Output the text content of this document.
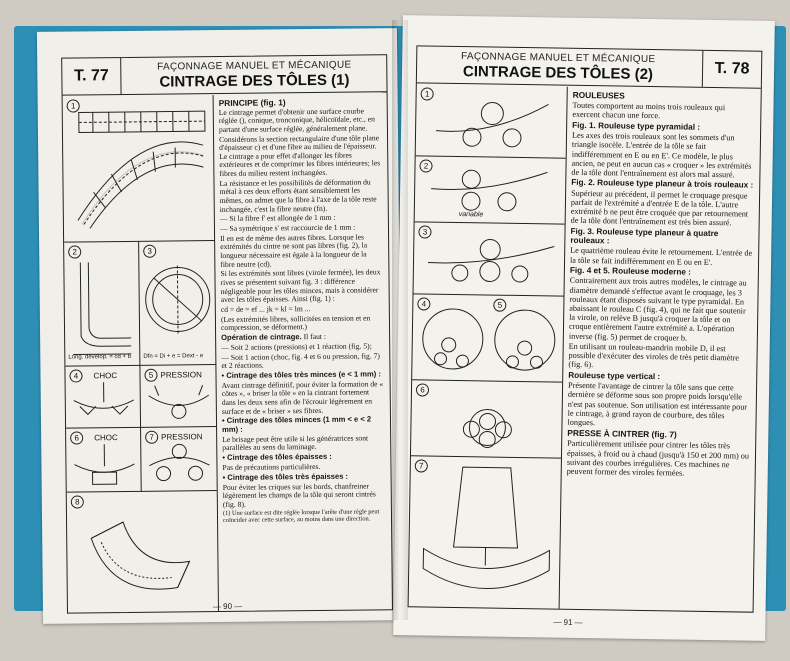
T. 77
FAÇONNAGE MANUEL ET MÉCANIQUE
CINTRAGE DES TÔLES (1)
1
2
Long. dévelop. = cd + b
3
Dfn = Di + e = Dext - e
4	CHOC	5 PRESSION
6	CHOC	7 PRESSION
8
PRINCIPE (fig. 1)

Le cintrage permet d'obtenir une surface courbe réglée (), conique, tronconique, hélicoïdale, etc., en partant d'une surface réglée, généralement plane.

Considérons la section rectangulaire d'une tôle plane d'épaisseur c) et d'une fibre au milieu de l'épaisseur. Le cintrage a pour effet d'allonger les fibres extérieures et de comprimer les fibres intérieures; les fibres du milieu restent inchangées.

La résistance et les possibilités de déformation du métal à ces deux efforts étant sensiblement les mêmes, on admet que la fibre à l'axe de la tôle reste inchangée, c'est la fibre neutre (fn).

— Si la fibre f' est allongée de 1 mm :

— Sa symétrique s' est raccourcie de 1 mm :

Il en est de même des autres fibres. Lorsque les extrémités du cintre ne sont pas libres (fig. 2), la longueur nécessaire est égale à la longueur de la fibre neutre (cd).

Si les extrémités sont libres (virole fermée), les deux rives se présentent suivant fig. 3 : différence négligeable pour les tôles minces, mais à considérer avec les tôles épaisses. Ainsi (fig. 1) :

cd = de = ef ... jk = kl = lm ...

(Les extrémités libres, sollicitées en tension et en compression, se déforment.)

Opération de cintrage. Il faut :

— Soit 2 actions (pressions) et 1 réaction (fig. 5);

— Soit 1 action (choc, fig. 4 et 6 ou pression, fig. 7) et 2 réactions.

• Cintrage des tôles très minces (e < 1 mm) :

Avant cintrage définitif, pour éviter la formation de « côtes », « briser la tôle » en la cintrant fortement dans les deux sens afin de l'écrouir légèrement en surface et de « briser » ses fibres.

• Cintrage des tôles minces (1 mm < e < 2 mm) :

Le brisage peut être utile si les génératrices sont parallèles au sens du laminage.

• Cintrage des tôles épaisses :

Pas de précautions particulières.

• Cintrage des tôles très épaisses :

Pour éviter les criques sur les bords, chanfreiner légèrement les champs de la tôle qui seront cintrés (fig. 8).

(1) Une surface est dite réglée lorsque l'arête d'une règle peut coïncider avec cette surface, au moins dans une direction.

— 90 —
FAÇONNAGE MANUEL ET MÉCANIQUE
CINTRAGE DES TÔLES (2)	T. 78
1
2
variable
3
4	5
6
7
ROULEUSES

Toutes comportent au moins trois rouleaux qui exercent chacun une force.

Fig. 1. Rouleuse type pyramidal :

Les axes des trois rouleaux sont les sommets d'un triangle isocèle. L'entrée de la tôle se fait indifféremment en E ou en E'. Ce modèle, le plus ancien, ne peut en aucun cas « croquer » les extrémités de la tôle dont l'entraînement est alors mal assuré.

Fig. 2. Rouleuse type planeur à trois rouleaux :

Supérieur au précédent, il permet le croquage presque parfait de l'extrémité a d'entrée E de la tôle. L'autre extrémité b ne peut être croquée que par retournement de la tôle dont l'entraînement est très bien assuré.

Fig. 3. Rouleuse type planeur à quatre rouleaux :

Le quatrième rouleau évite le retournement. L'entrée de la tôle se fait indifféremment en E ou en E'.

Fig. 4 et 5. Rouleuse moderne :

Contrairement aux trois autres modèles, le cintrage au diamètre demandé s'effectue avant le croquage, les 3 rouleaux étant disposés suivant le type pyramidal. En abaissant le rouleau C (fig. 4), qui ne fait que soutenir la virole, on relève B jusqu'à croquer la tôle et on croque entièrement l'autre extrémité a. L'opération inverse (fig. 5) permet de croquer b.

En utilisant un rouleau-mandrin mobile D, il est possible d'exécuter des viroles de très petit diamètre (fig. 6).

Rouleuse type vertical :

Présente l'avantage de cintrer la tôle sans que cette dernière se déforme sous son propre poids lorsqu'elle n'est pas soutenue. Son utilisation est intéressante pour le cintrage, à grand rayon de courbure, des tôles longues.

PRESSE À CINTRER (fig. 7)

Particulièrement utilisée pour cintrer les tôles très épaisses, à froid ou à chaud (jusqu'à 150 et 200 mm) ou suivant des courbes irrégulières. Ces machines ne peuvent former des viroles fermées.

— 91 —
